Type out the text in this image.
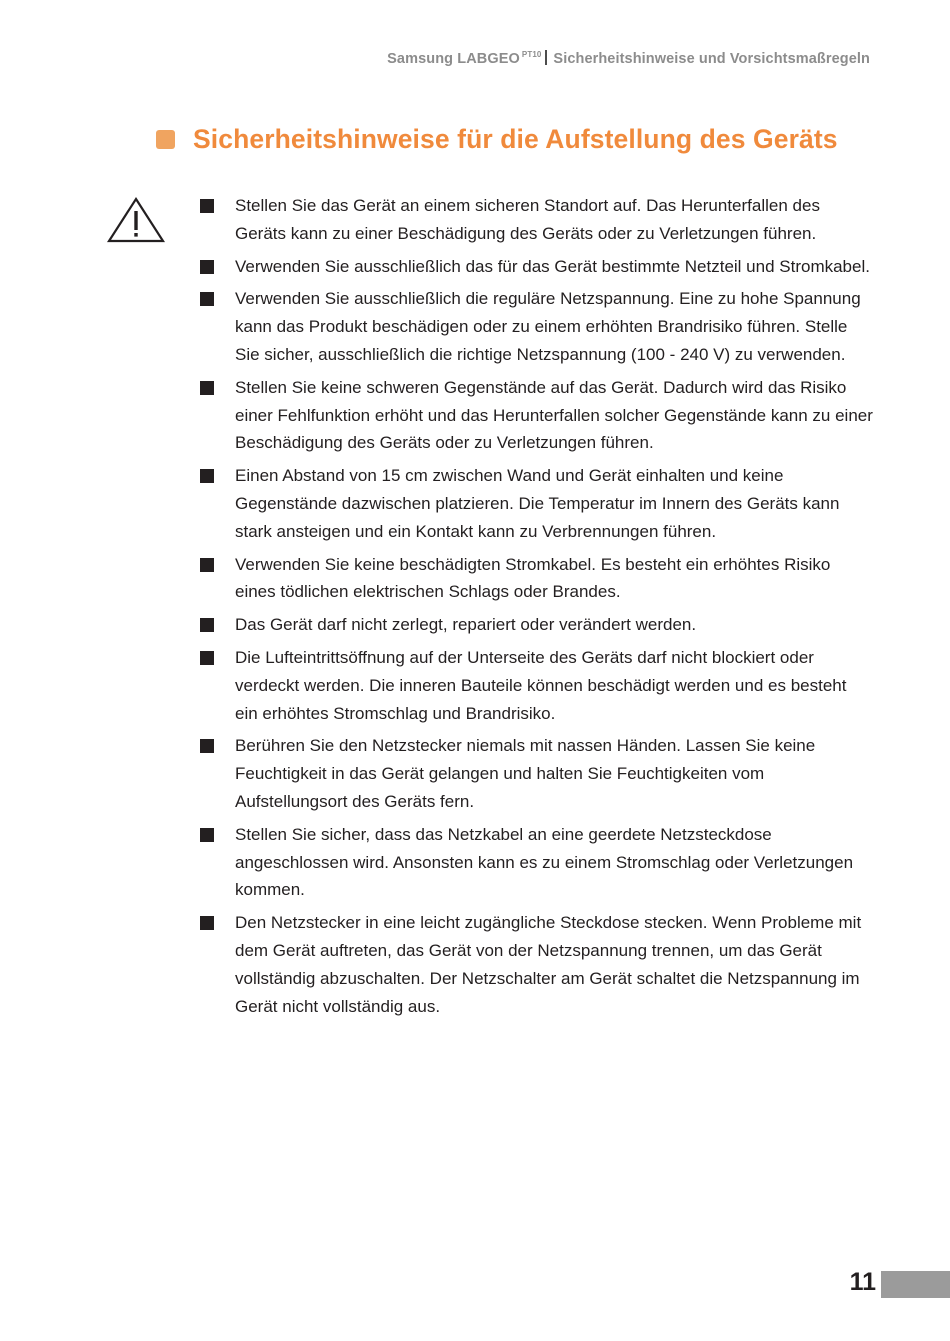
Samsung LABGEO $^{PT10}$ Sicherheitshinweise und Vorsichtsmaßregeln
Sicherheitshinweise für die Aufstellung des Geräts
Stellen Sie das Gerät an einem sicheren Standort auf. Das Herunterfallen des Geräts kann zu einer Beschädigung des Geräts oder zu Verletzungen führen.
Verwenden Sie ausschließlich das für das Gerät bestimmte Netzteil und Stromkabel.
Verwenden Sie ausschließlich die reguläre Netzspannung. Eine zu hohe Spannung kann das Produkt beschädigen oder zu einem erhöhten Brandrisiko führen. Stelle Sie sicher, ausschließlich die richtige Netzspannung (100 - 240 V) zu verwenden.
Stellen Sie keine schweren Gegenstände auf das Gerät. Dadurch wird das Risiko einer Fehlfunktion erhöht und das Herunterfallen solcher Gegenstände kann zu einer Beschädigung des Geräts oder zu Verletzungen führen.
Einen Abstand von 15 cm zwischen Wand und Gerät einhalten und keine Gegenstände dazwischen platzieren. Die Temperatur im Innern des Geräts kann stark ansteigen und ein Kontakt kann zu Verbrennungen führen.
Verwenden Sie keine beschädigten Stromkabel. Es besteht ein erhöhtes Risiko eines tödlichen elektrischen Schlags oder Brandes.
Das Gerät darf nicht zerlegt, repariert oder verändert werden.
Die Lufteintrittsöffnung auf der Unterseite des Geräts darf nicht blockiert oder verdeckt werden. Die inneren Bauteile können beschädigt werden und es besteht ein erhöhtes Stromschlag und Brandrisiko.
Berühren Sie den Netzstecker niemals mit nassen Händen. Lassen Sie keine Feuchtigkeit in das Gerät gelangen und halten Sie Feuchtigkeiten vom Aufstellungsort des Geräts fern.
Stellen Sie sicher, dass das Netzkabel an eine geerdete Netzsteckdose angeschlossen wird. Ansonsten kann es zu einem Stromschlag oder Verletzungen kommen.
Den Netzstecker in eine leicht zugängliche Steckdose stecken. Wenn Probleme mit dem Gerät auftreten, das Gerät von der Netzspannung trennen, um das Gerät vollständig abzuschalten. Der Netzschalter am Gerät schaltet die Netzspannung im Gerät nicht vollständig aus.
11
